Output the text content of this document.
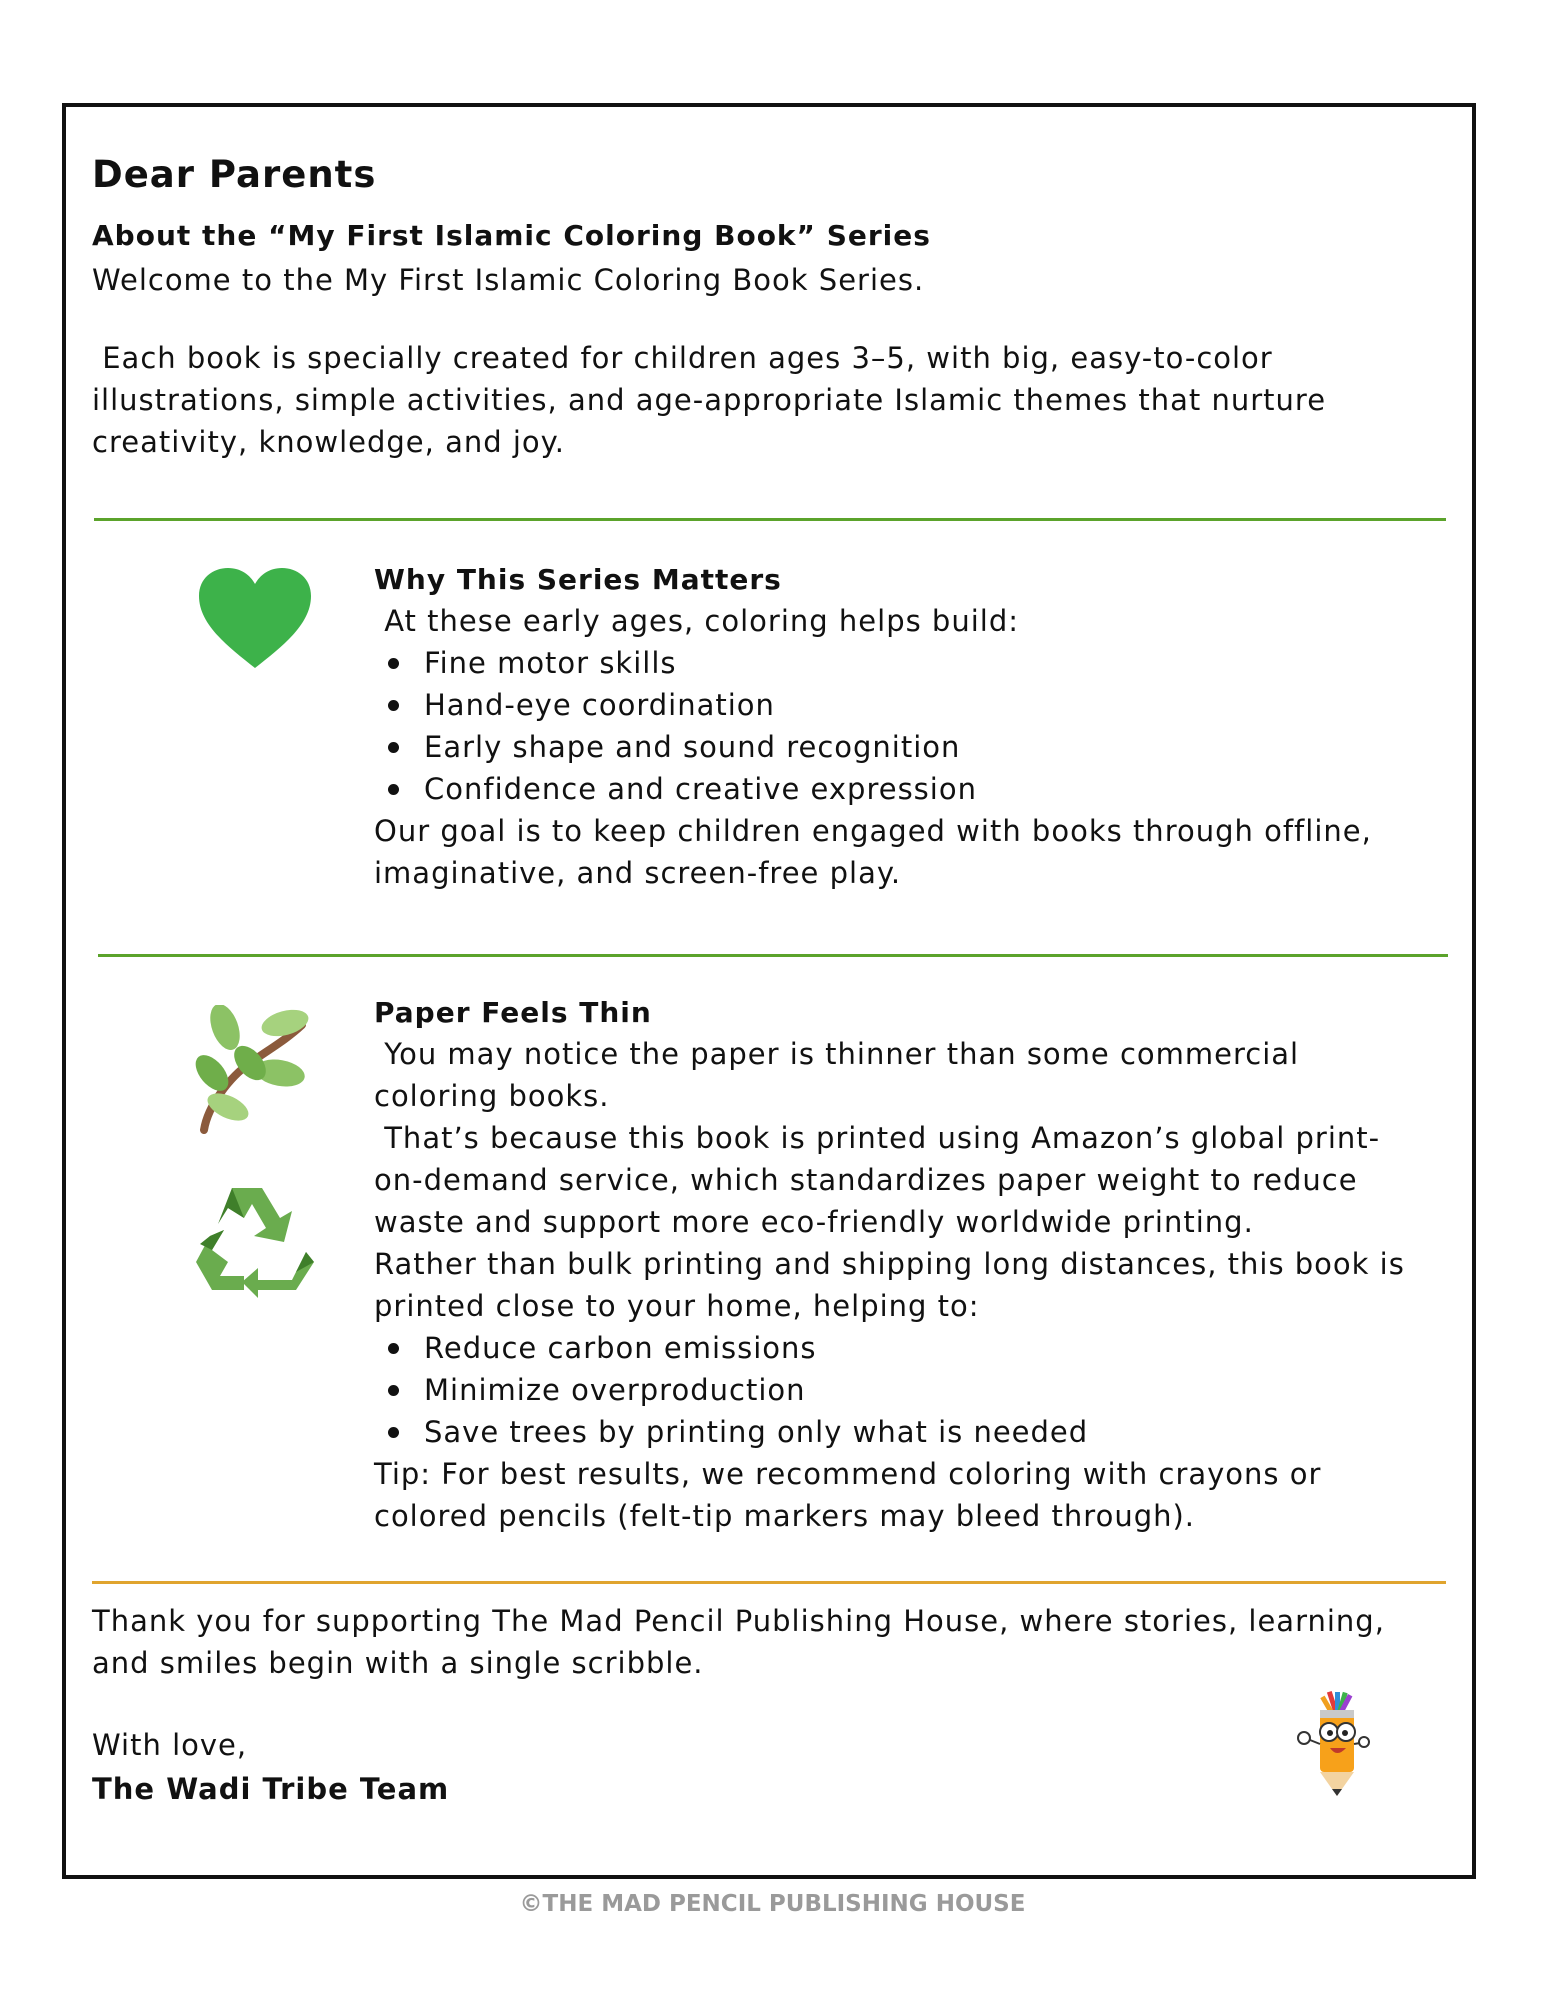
Dear Parents
About the “My First Islamic Coloring Book” Series
Welcome to the My First Islamic Coloring Book Series.
Each book is specially created for children ages 3–5, with big, easy-to-color
illustrations, simple activities, and age-appropriate Islamic themes that nurture
creativity, knowledge, and joy.
Why This Series Matters
At these early ages, coloring helps build:
Fine motor skills
Hand-eye coordination
Early shape and sound recognition
Confidence and creative expression
Our goal is to keep children engaged with books through offline,
imaginative, and screen-free play.
Paper Feels Thin
You may notice the paper is thinner than some commercial
coloring books.
That’s because this book is printed using Amazon’s global print-
on-demand service, which standardizes paper weight to reduce
waste and support more eco-friendly worldwide printing.
Rather than bulk printing and shipping long distances, this book is
printed close to your home, helping to:
Reduce carbon emissions
Minimize overproduction
Save trees by printing only what is needed
Tip: For best results, we recommend coloring with crayons or
colored pencils (felt-tip markers may bleed through).
Thank you for supporting The Mad Pencil Publishing House, where stories, learning,
and smiles begin with a single scribble.
With love,
The Wadi Tribe Team
©THE MAD PENCIL PUBLISHING HOUSE
